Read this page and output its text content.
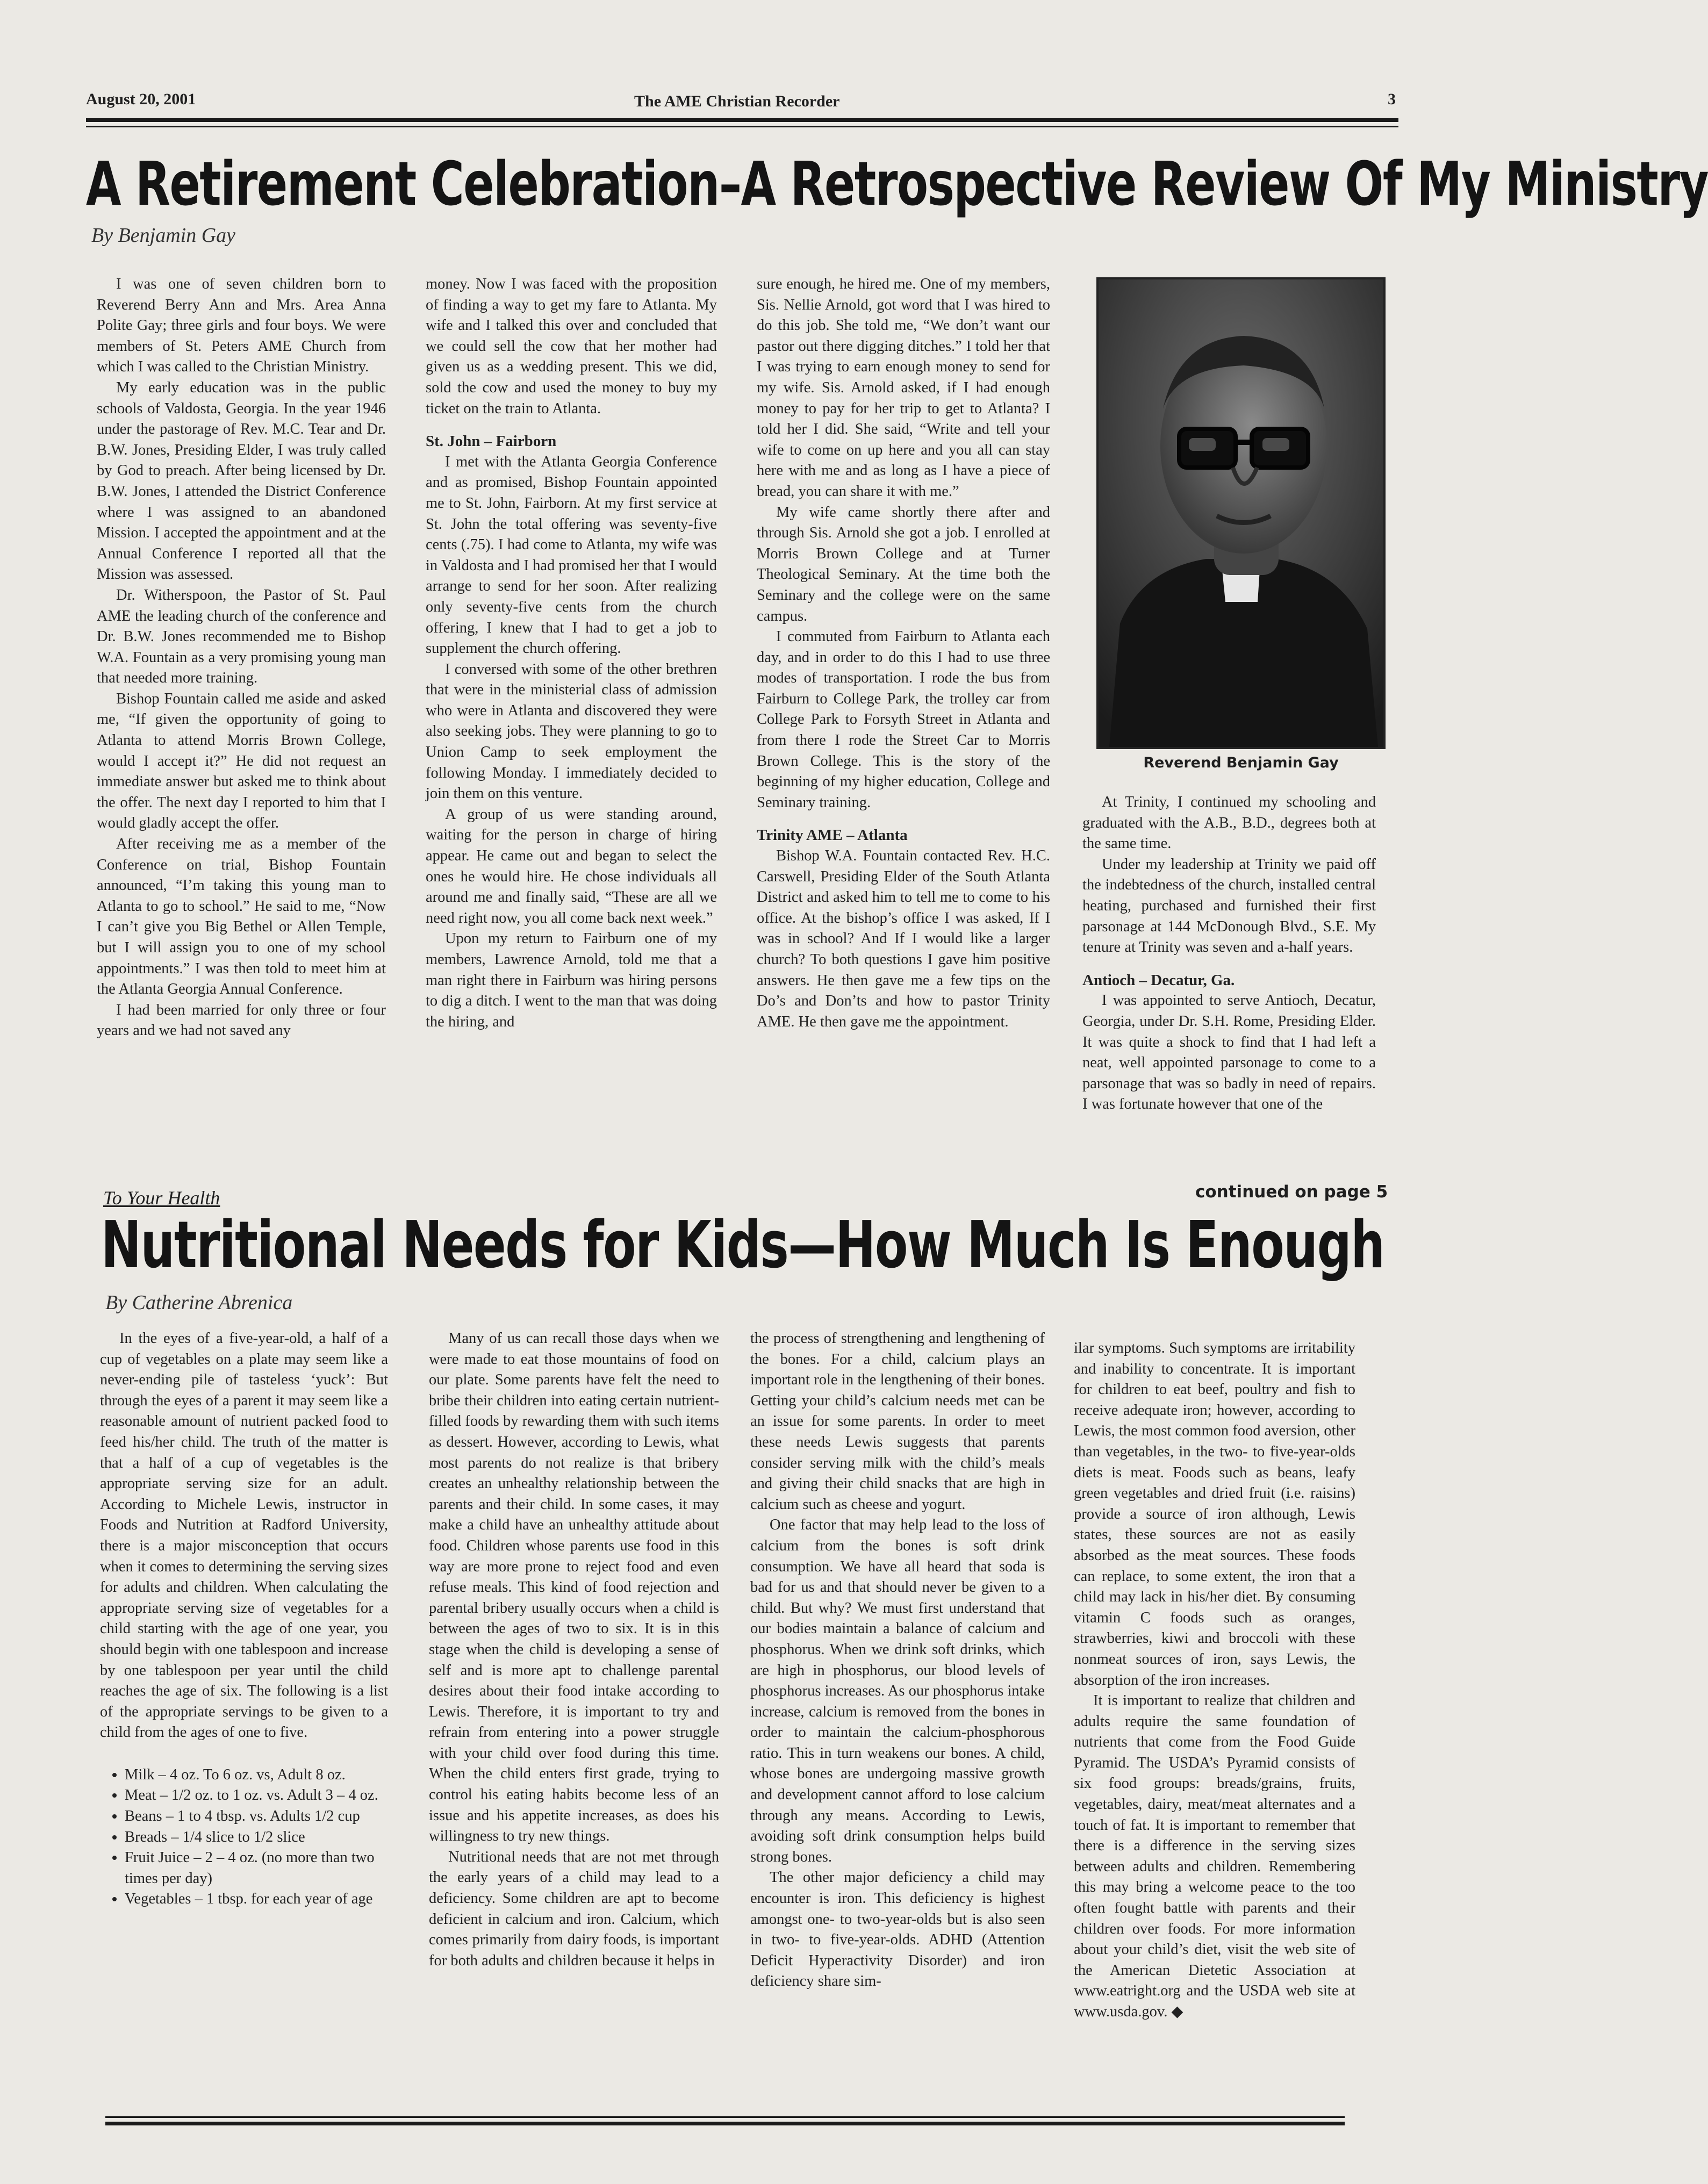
August 20, 2001	The AME Christian Recorder	3
A Retirement Celebration–A Retrospective Review Of My Ministry
By Benjamin Gay

I was one of seven children born to Reverend Berry Ann and Mrs. Area Anna Polite Gay; three girls and four boys. We were members of St. Peters AME Church from which I was called to the Christian Ministry.

My early education was in the public schools of Valdosta, Georgia. In the year 1946 under the pastorage of Rev. M.C. Tear and Dr. B.W. Jones, Presiding Elder, I was truly called by God to preach. After being licensed by Dr. B.W. Jones, I attended the District Conference where I was assigned to an abandoned Mission. I accepted the appointment and at the Annual Conference I reported all that the Mission was assessed.

Dr. Witherspoon, the Pastor of St. Paul AME the leading church of the conference and Dr. B.W. Jones recommended me to Bishop W.A. Fountain as a very promising young man that needed more training.

Bishop Fountain called me aside and asked me, “If given the opportunity of going to Atlanta to attend Morris Brown College, would I accept it?” He did not request an immediate answer but asked me to think about the offer. The next day I reported to him that I would gladly accept the offer.

After receiving me as a member of the Conference on trial, Bishop Fountain announced, “I’m taking this young man to Atlanta to go to school.” He said to me, “Now I can’t give you Big Bethel or Allen Temple, but I will assign you to one of my school appointments.” I was then told to meet him at the Atlanta Georgia Annual Conference.

I had been married for only three or four years and we had not saved any

money. Now I was faced with the proposition of finding a way to get my fare to Atlanta. My wife and I talked this over and concluded that we could sell the cow that her mother had given us as a wedding present. This we did, sold the cow and used the money to buy my ticket on the train to Atlanta.

St. John – Fairborn

I met with the Atlanta Georgia Conference and as promised, Bishop Fountain appointed me to St. John, Fairborn. At my first service at St. John the total offering was seventy-five cents (.75). I had come to Atlanta, my wife was in Valdosta and I had promised her that I would arrange to send for her soon. After realizing only seventy-five cents from the church offering, I knew that I had to get a job to supplement the church offering.

I conversed with some of the other brethren that were in the ministerial class of admission who were in Atlanta and discovered they were also seeking jobs. They were planning to go to Union Camp to seek employment the following Monday. I immediately decided to join them on this venture.

A group of us were standing around, waiting for the person in charge of hiring appear. He came out and began to select the ones he would hire. He chose individuals all around me and finally said, “These are all we need right now, you all come back next week.”

Upon my return to Fairburn one of my members, Lawrence Arnold, told me that a man right there in Fairburn was hiring persons to dig a ditch. I went to the man that was doing the hiring, and

sure enough, he hired me. One of my members, Sis. Nellie Arnold, got word that I was hired to do this job. She told me, “We don’t want our pastor out there digging ditches.” I told her that I was trying to earn enough money to send for my wife. Sis. Arnold asked, if I had enough money to pay for her trip to get to Atlanta? I told her I did. She said, “Write and tell your wife to come on up here and you all can stay here with me and as long as I have a piece of bread, you can share it with me.”

My wife came shortly there after and through Sis. Arnold she got a job. I enrolled at Morris Brown College and at Turner Theological Seminary. At the time both the Seminary and the college were on the same campus.

I commuted from Fairburn to Atlanta each day, and in order to do this I had to use three modes of transportation. I rode the bus from Fairburn to College Park, the trolley car from College Park to Forsyth Street in Atlanta and from there I rode the Street Car to Morris Brown College. This is the story of the beginning of my higher education, College and Seminary training.

Trinity AME – Atlanta

Bishop W.A. Fountain contacted Rev. H.C. Carswell, Presiding Elder of the South Atlanta District and asked him to tell me to come to his office. At the bishop’s office I was asked, If I was in school? And If I would like a larger church? To both questions I gave him positive answers. He then gave me a few tips on the Do’s and Don’ts and how to pastor Trinity AME. He then gave me the appointment.

Reverend Benjamin Gay

At Trinity, I continued my schooling and graduated with the A.B., B.D., degrees both at the same time.

Under my leadership at Trinity we paid off the indebtedness of the church, installed central heating, purchased and furnished their first parsonage at 144 McDonough Blvd., S.E. My tenure at Trinity was seven and a-half years.

Antioch – Decatur, Ga.

I was appointed to serve Antioch, Decatur, Georgia, under Dr. S.H. Rome, Presiding Elder. It was quite a shock to find that I had left a neat, well appointed parsonage to come to a parsonage that was so badly in need of repairs. I was fortunate however that one of the

continued on page 5
To Your Health
Nutritional Needs for Kids—How Much Is Enough
By Catherine Abrenica

In the eyes of a five-year-old, a half of a cup of vegetables on a plate may seem like a never-ending pile of tasteless ‘yuck’: But through the eyes of a parent it may seem like a reasonable amount of nutrient packed food to feed his/her child. The truth of the matter is that a half of a cup of vegetables is the appropriate serving size for an adult. According to Michele Lewis, instructor in Foods and Nutrition at Radford University, there is a major misconception that occurs when it comes to determining the serving sizes for adults and children. When calculating the appropriate serving size of vegetables for a child starting with the age of one year, you should begin with one tablespoon and increase by one tablespoon per year until the child reaches the age of six. The following is a list of the appropriate servings to be given to a child from the ages of one to five.

• Milk – 4 oz. To 6 oz. vs, Adult 8 oz.
• Meat – 1/2 oz. to 1 oz. vs. Adult 3 – 4 oz.
• Beans – 1 to 4 tbsp. vs. Adults 1/2 cup
• Breads – 1/4 slice to 1/2 slice
• Fruit Juice – 2 – 4 oz. (no more than two times per day)
• Vegetables – 1 tbsp. for each year of age

Many of us can recall those days when we were made to eat those mountains of food on our plate. Some parents have felt the need to bribe their children into eating certain nutrient-filled foods by rewarding them with such items as dessert. However, according to Lewis, what most parents do not realize is that bribery creates an unhealthy relationship between the parents and their child. In some cases, it may make a child have an unhealthy attitude about food. Children whose parents use food in this way are more prone to reject food and even refuse meals. This kind of food rejection and parental bribery usually occurs when a child is between the ages of two to six. It is in this stage when the child is developing a sense of self and is more apt to challenge parental desires about their food intake according to Lewis. Therefore, it is important to try and refrain from entering into a power struggle with your child over food during this time. When the child enters first grade, trying to control his eating habits become less of an issue and his appetite increases, as does his willingness to try new things.

Nutritional needs that are not met through the early years of a child may lead to a deficiency. Some children are apt to become deficient in calcium and iron. Calcium, which comes primarily from dairy foods, is important for both adults and children because it helps in

the process of strengthening and lengthening of the bones. For a child, calcium plays an important role in the lengthening of their bones. Getting your child’s calcium needs met can be an issue for some parents. In order to meet these needs Lewis suggests that parents consider serving milk with the child’s meals and giving their child snacks that are high in calcium such as cheese and yogurt.

One factor that may help lead to the loss of calcium from the bones is soft drink consumption. We have all heard that soda is bad for us and that should never be given to a child. But why? We must first understand that our bodies maintain a balance of calcium and phosphorus. When we drink soft drinks, which are high in phosphorus, our blood levels of phosphorus increases. As our phosphorus intake increase, calcium is removed from the bones in order to maintain the calcium-phosphorous ratio. This in turn weakens our bones. A child, whose bones are undergoing massive growth and development cannot afford to lose calcium through any means. According to Lewis, avoiding soft drink consumption helps build strong bones.

The other major deficiency a child may encounter is iron. This deficiency is highest amongst one- to two-year-olds but is also seen in two- to five-year-olds. ADHD (Attention Deficit Hyperactivity Disorder) and iron deficiency share sim-

ilar symptoms. Such symptoms are irritability and inability to concentrate. It is important for children to eat beef, poultry and fish to receive adequate iron; however, according to Lewis, the most common food aversion, other than vegetables, in the two- to five-year-olds diets is meat. Foods such as beans, leafy green vegetables and dried fruit (i.e. raisins) provide a source of iron although, Lewis states, these sources are not as easily absorbed as the meat sources. These foods can replace, to some extent, the iron that a child may lack in his/her diet. By consuming vitamin C foods such as oranges, strawberries, kiwi and broccoli with these nonmeat sources of iron, says Lewis, the absorption of the iron increases.

It is important to realize that children and adults require the same foundation of nutrients that come from the Food Guide Pyramid. The USDA’s Pyramid consists of six food groups: breads/grains, fruits, vegetables, dairy, meat/meat alternates and a touch of fat. It is important to remember that there is a difference in the serving sizes between adults and children. Remembering this may bring a welcome peace to the too often fought battle with parents and their children over foods. For more information about your child’s diet, visit the web site of the American Dietetic Association at www.eatright.org and the USDA web site at www.usda.gov. ◆
